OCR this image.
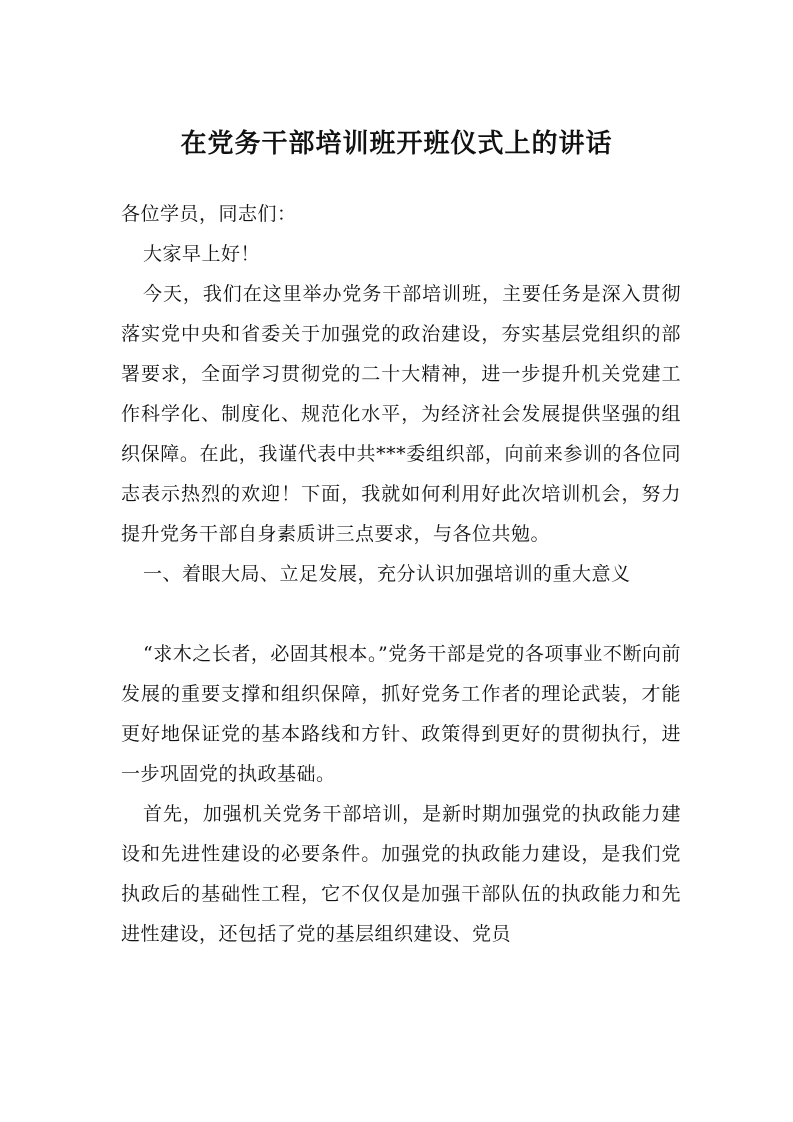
在党务干部培训班开班仪式上的讲话

各位学员，同志们：

大家早上好！

今天，我们在这里举办党务干部培训班，主要任务是深入贯彻落实党中央和省委关于加强党的政治建设，夯实基层党组织的部署要求，全面学习贯彻党的二十大精神，进一步提升机关党建工作科学化、制度化、规范化水平，为经济社会发展提供坚强的组织保障。在此，我谨代表中共***委组织部，向前来参训的各位同志表示热烈的欢迎！下面，我就如何利用好此次培训机会，努力提升党务干部自身素质讲三点要求，与各位共勉。

一、着眼大局、立足发展，充分认识加强培训的重大意义

“求木之长者，必固其根本。”党务干部是党的各项事业不断向前发展的重要支撑和组织保障，抓好党务工作者的理论武装，才能更好地保证党的基本路线和方针、政策得到更好的贯彻执行，进一步巩固党的执政基础。

首先，加强机关党务干部培训，是新时期加强党的执政能力建设和先进性建设的必要条件。加强党的执政能力建设，是我们党执政后的基础性工程，它不仅仅是加强干部队伍的执政能力和先进性建设，还包括了党的基层组织建设、党员
